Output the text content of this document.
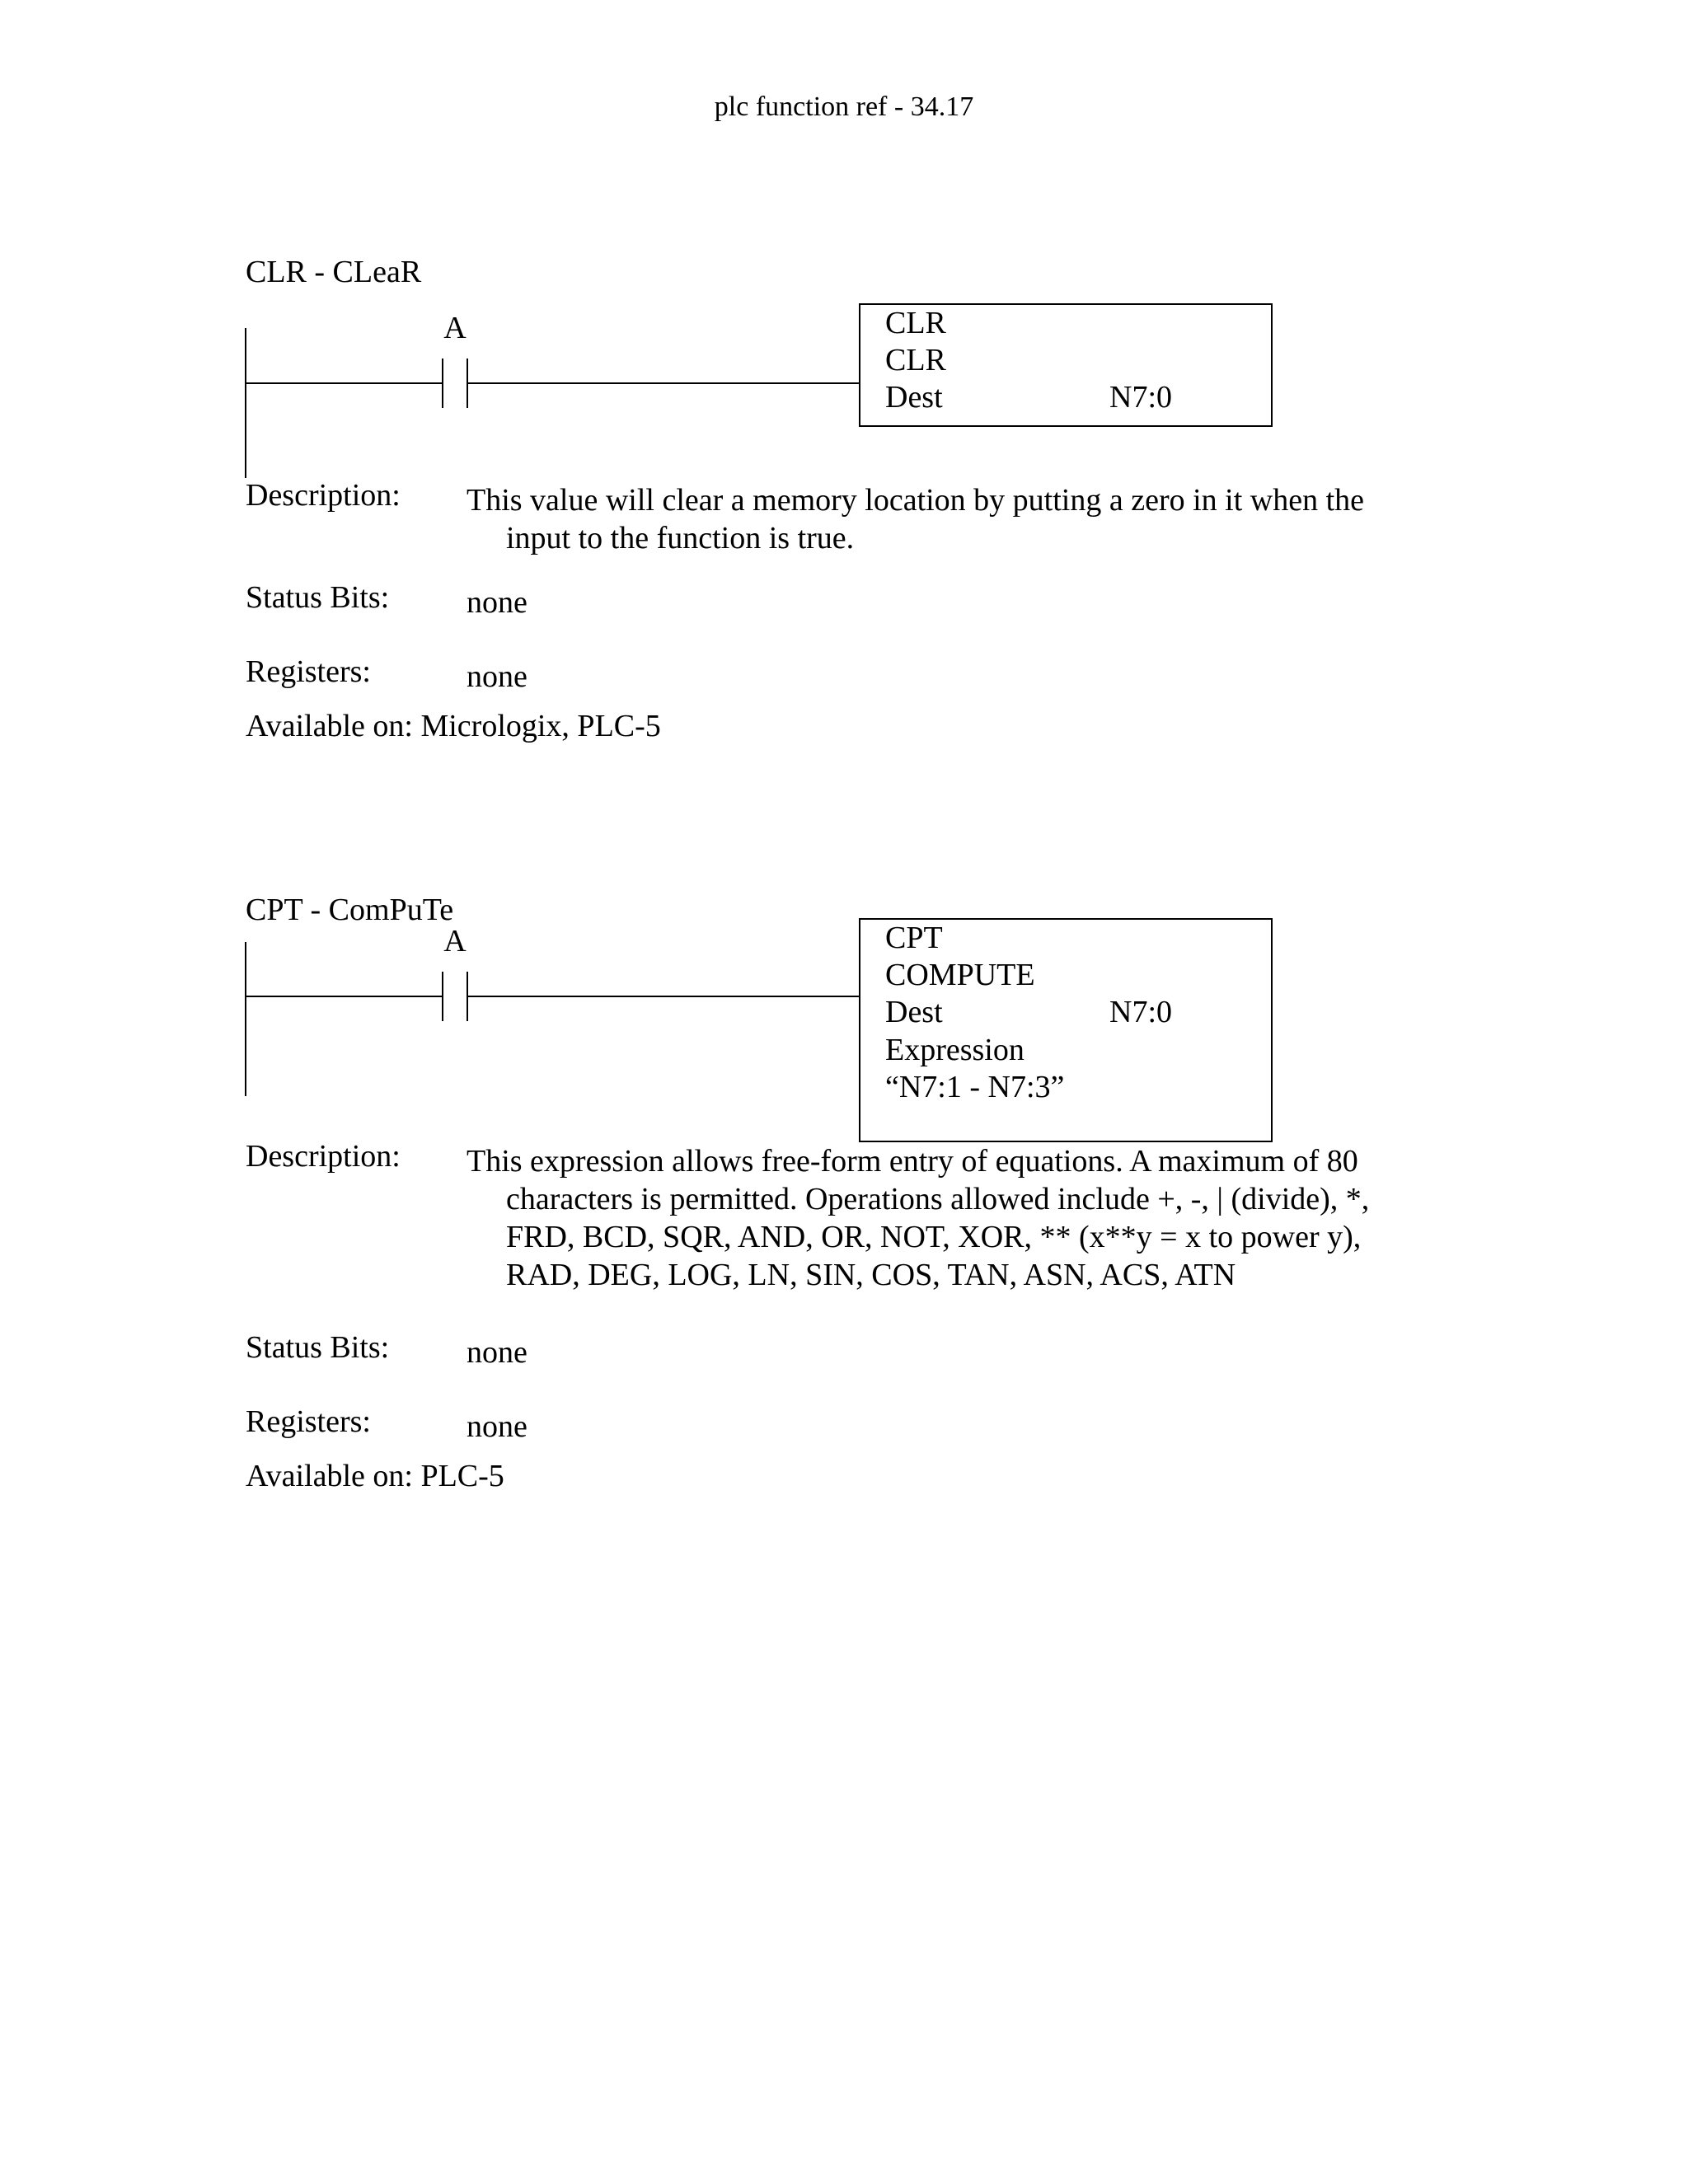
plc function ref - 34.17
CLR - CLeaR
A	CLR
CLR
Dest	N7:0
Description: This value will clear a memory location by putting a zero in it when the input to the function is true.
Status Bits: none
Registers:	none
Available on: Micrologix, PLC-5
CPT - ComPuTe
A	CPT
COMPUTE
Dest	N7:0
Expression
“N7:1 - N7:3”
Description: This expression allows free-form entry of equations. A maximum of 80 characters is permitted. Operations allowed include +, -, | (divide), *, FRD, BCD, SQR, AND, OR, NOT, XOR, ** (x**y = x to power y), RAD, DEG, LOG, LN, SIN, COS, TAN, ASN, ACS, ATN
Status Bits: none
Registers:	none
Available on: PLC-5
